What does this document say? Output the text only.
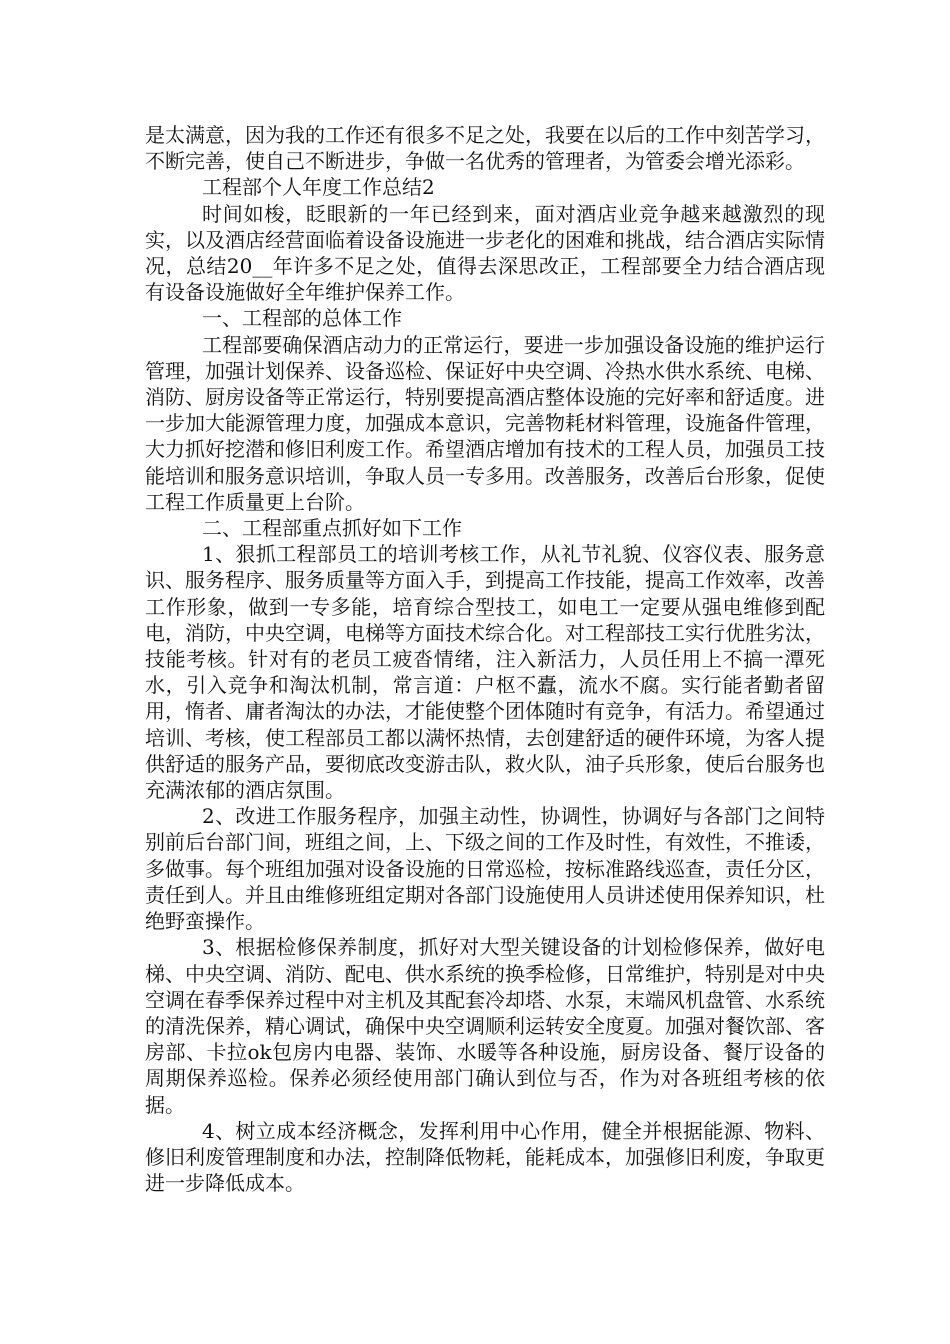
是太满意，因为我的工作还有很多不足之处，我要在以后的工作中刻苦学习，不断完善，使自己不断进步，争做一名优秀的管理者，为管委会增光添彩。

工程部个人年度工作总结2

时间如梭，眨眼新的一年已经到来，面对酒店业竞争越来越激烈的现实，以及酒店经营面临着设备设施进一步老化的困难和挑战，结合酒店实际情况，总结20__年许多不足之处，值得去深思改正，工程部要全力结合酒店现有设备设施做好全年维护保养工作。

一、工程部的总体工作

工程部要确保酒店动力的正常运行，要进一步加强设备设施的维护运行管理，加强计划保养、设备巡检、保证好中央空调、冷热水供水系统、电梯、消防、厨房设备等正常运行，特别要提高酒店整体设施的完好率和舒适度。进一步加大能源管理力度，加强成本意识，完善物耗材料管理，设施备件管理，大力抓好挖潜和修旧利废工作。希望酒店增加有技术的工程人员，加强员工技能培训和服务意识培训，争取人员一专多用。改善服务，改善后台形象，促使工程工作质量更上台阶。

二、工程部重点抓好如下工作

1、狠抓工程部员工的培训考核工作，从礼节礼貌、仪容仪表、服务意识、服务程序、服务质量等方面入手，到提高工作技能，提高工作效率，改善工作形象，做到一专多能，培育综合型技工，如电工一定要从强电维修到配电，消防，中央空调，电梯等方面技术综合化。对工程部技工实行优胜劣汰，技能考核。针对有的老员工疲沓情绪，注入新活力，人员任用上不搞一潭死水，引入竞争和淘汰机制，常言道：户枢不蠹，流水不腐。实行能者勤者留用，惰者、庸者淘汰的办法，才能使整个团体随时有竞争，有活力。希望通过培训、考核，使工程部员工都以满怀热情，去创建舒适的硬件环境，为客人提供舒适的服务产品，要彻底改变游击队，救火队，油子兵形象，使后台服务也充满浓郁的酒店氛围。

2、改进工作服务程序，加强主动性，协调性，协调好与各部门之间特别前后台部门间，班组之间，上、下级之间的工作及时性，有效性，不推诿，多做事。每个班组加强对设备设施的日常巡检，按标准路线巡查，责任分区，责任到人。并且由维修班组定期对各部门设施使用人员讲述使用保养知识，杜绝野蛮操作。

3、根据检修保养制度，抓好对大型关键设备的计划检修保养，做好电梯、中央空调、消防、配电、供水系统的换季检修，日常维护，特别是对中央空调在春季保养过程中对主机及其配套冷却塔、水泵，末端风机盘管、水系统的清洗保养，精心调试，确保中央空调顺利运转安全度夏。加强对餐饮部、客房部、卡拉ok包房内电器、装饰、水暖等各种设施，厨房设备、餐厅设备的周期保养巡检。保养必须经使用部门确认到位与否，作为对各班组考核的依据。

4、树立成本经济概念，发挥利用中心作用，健全并根据能源、物料、修旧利废管理制度和办法，控制降低物耗，能耗成本，加强修旧利废，争取更进一步降低成本。
